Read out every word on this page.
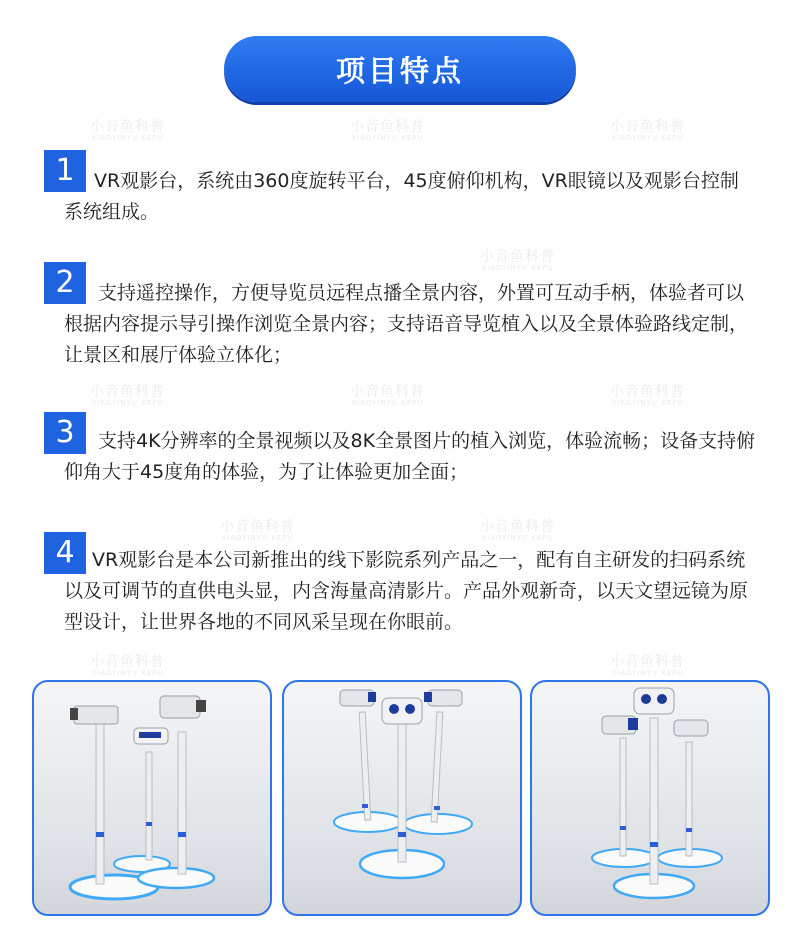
小音鱼科普
XIAOYINYU KEPU
小音鱼科普
XIAOYINYU KEPU
小音鱼科普
XIAOYINYU KEPU
小音鱼科普
XIAOYINYU KEPU
小音鱼科普
XIAOYINYU KEPU
小音鱼科普
XIAOYINYU KEPU
小音鱼科普
XIAOYINYU KEPU
小音鱼科普
XIAOYINYU KEPU
小音鱼科普
XIAOYINYU KEPU
小音鱼科普
XIAOYINYU KEPU
小音鱼科普
XIAOYINYU KEPU
项目特点
1	VR观影台，系统由360度旋转平台，45度俯仰机构，VR眼镜以及观影台控制系统组成。
2	支持遥控操作，方便导览员远程点播全景内容，外置可互动手柄，体验者可以根据内容提示导引操作浏览全景内容；支持语音导览植入以及全景体验路线定制，让景区和展厅体验立体化；
3	支持4K分辨率的全景视频以及8K全景图片的植入浏览，体验流畅；设备支持俯仰角大于45度角的体验，为了让体验更加全面；
4 VR观影台是本公司新推出的线下影院系列产品之一，配有自主研发的扫码系统以及可调节的直供电头显，内含海量高清影片。产品外观新奇，以天文望远镜为原型设计，让世界各地的不同风采呈现在你眼前。
